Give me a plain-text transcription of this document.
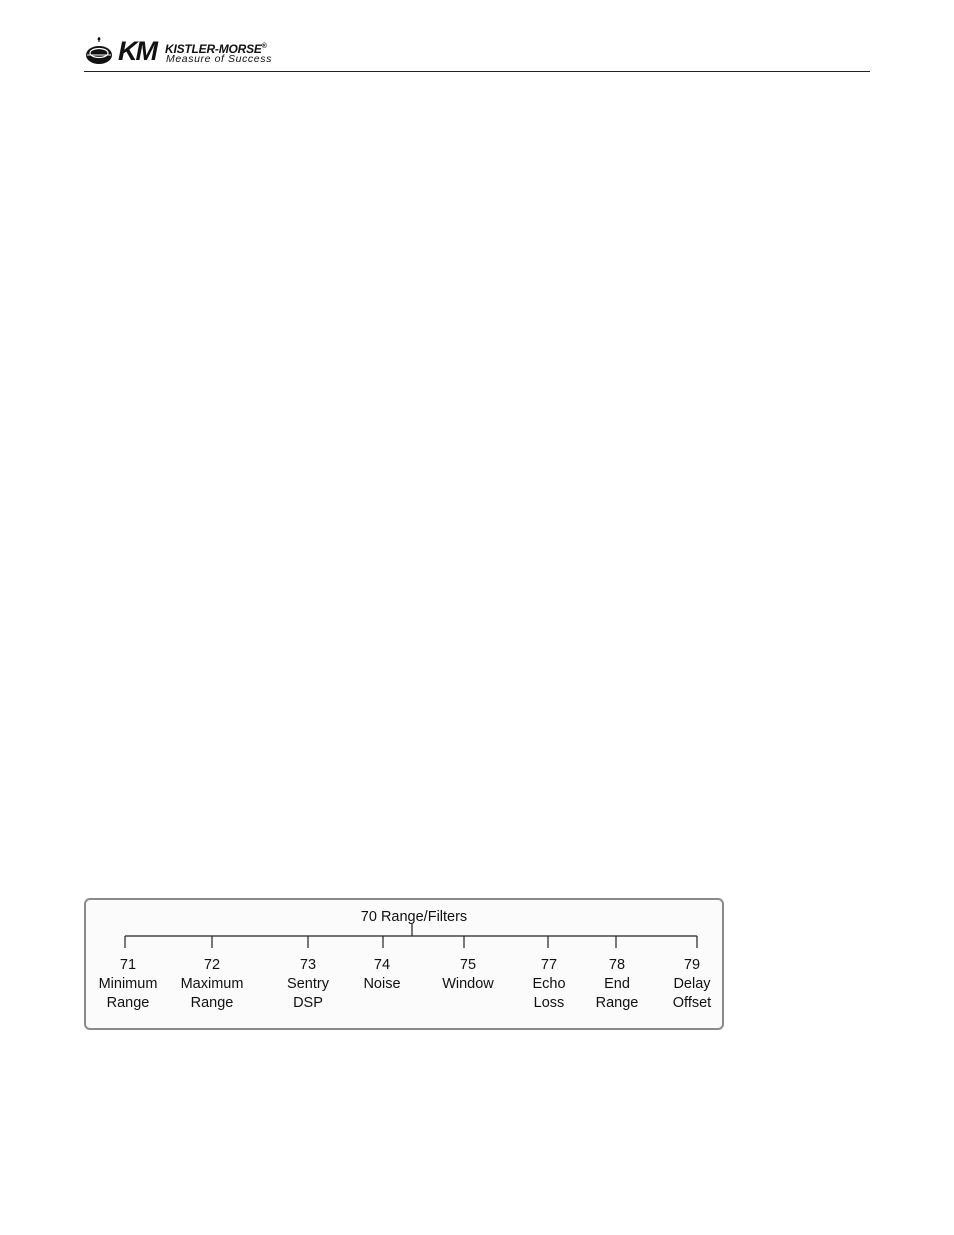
KM KISTLER-MORSE®
Measure of Success
70 Range/Filters
71
Minimum
Range
72
Maximum
Range
73
Sentry
DSP
74
Noise
75
Window
77
Echo
Loss
78
End
Range
79
Delay
Offset
